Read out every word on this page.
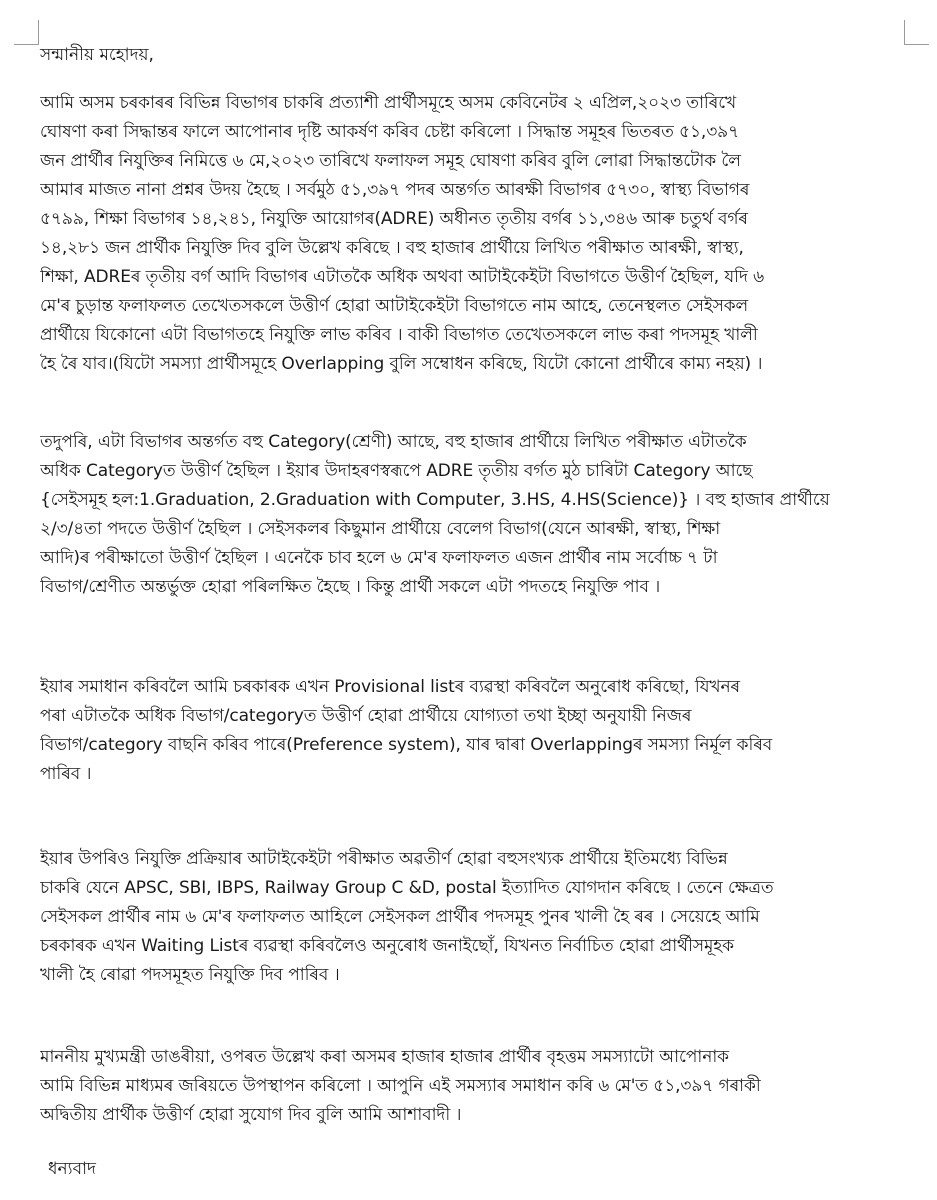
সন্মানীয় মহোদয়,
আমি অসম চৰকাৰৰ বিভিন্ন বিভাগৰ চাকৰি প্ৰত্যাশী প্ৰাৰ্থীসমূহে অসম কেবিনেটৰ ২ এপ্ৰিল,২০২৩ তাৰিখে
ঘোষণা কৰা সিদ্ধান্তৰ ফালে আপোনাৰ দৃষ্টি আকৰ্ষণ কৰিব চেষ্টা কৰিলো । সিদ্ধান্ত সমূহৰ ভিতৰত ৫১,৩৯৭
জন প্ৰাৰ্থীৰ নিযুক্তিৰ নিমিত্তে ৬ মে,২০২৩ তাৰিখে ফলাফল সমূহ ঘোষণা কৰিব বুলি লোৱা সিদ্ধান্তটোক লৈ
আমাৰ মাজত নানা প্ৰশ্নৰ উদয় হৈছে । সৰ্বমুঠ ৫১,৩৯৭ পদৰ অন্তৰ্গত আৰক্ষী বিভাগৰ ৫৭৩০, স্বাস্থ্য বিভাগৰ
৫৭৯৯, শিক্ষা বিভাগৰ ১৪,২৪১, নিযুক্তি আয়োগৰ(ADRE) অধীনত তৃতীয় বৰ্গৰ ১১,৩৪৬ আৰু চতুৰ্থ বৰ্গৰ
১৪,২৮১ জন প্ৰাৰ্থীক নিযুক্তি দিব বুলি উল্লেখ কৰিছে । বহু হাজাৰ প্ৰাৰ্থীয়ে লিখিত পৰীক্ষাত আৰক্ষী, স্বাস্থ্য,
শিক্ষা, ADREৰ তৃতীয় বৰ্গ আদি বিভাগৰ এটাতকৈ অধিক অথবা আটাইকেইটা বিভাগতে উত্তীৰ্ণ হৈছিল, যদি ৬
মে'ৰ চুড়ান্ত ফলাফলত তেখেতসকলে উত্তীৰ্ণ হোৱা আটাইকেইটা বিভাগতে নাম আহে, তেনেস্থলত সেইসকল
প্ৰাৰ্থীয়ে যিকোনো এটা বিভাগতহে নিযুক্তি লাভ কৰিব । বাকী বিভাগত তেখেতসকলে লাভ কৰা পদসমূহ খালী
হৈ ৰৈ যাব।(যিটো সমস্যা প্ৰাৰ্থীসমূহে Overlapping বুলি সম্বোধন কৰিছে, যিটো কোনো প্ৰাৰ্থীৰে কাম্য নহয়) ।
তদুপৰি, এটা বিভাগৰ অন্তৰ্গত বহু Category(শ্ৰেণী) আছে, বহু হাজাৰ প্ৰাৰ্থীয়ে লিখিত পৰীক্ষাত এটাতকৈ
অধিক Categoryত উত্তীৰ্ণ হৈছিল । ইয়াৰ উদাহৰণস্বৰূপে ADRE তৃতীয় বৰ্গত মুঠ চাৰিটা Category আছে
{সেইসমূহ হল:1.Graduation, 2.Graduation with Computer, 3.HS, 4.HS(Science)} । বহু হাজাৰ প্ৰাৰ্থীয়ে
২/৩/৪তা পদতে উত্তীৰ্ণ হৈছিল । সেইসকলৰ কিছুমান প্ৰাৰ্থীয়ে বেলেগ বিভাগ(যেনে আৰক্ষী, স্বাস্থ্য, শিক্ষা
আদি)ৰ পৰীক্ষাতো উত্তীৰ্ণ হৈছিল । এনেকৈ চাব হলে ৬ মে'ৰ ফলাফলত এজন প্ৰাৰ্থীৰ নাম সৰ্বোচ্চ ৭ টা
বিভাগ/শ্ৰেণীত অন্তৰ্ভুক্ত হোৱা পৰিলক্ষিত হৈছে । কিন্তু প্ৰাৰ্থী সকলে এটা পদতহে নিযুক্তি পাব ।
ইয়াৰ সমাধান কৰিবলৈ আমি চৰকাৰক এখন Provisional listৰ ব্যৱস্থা কৰিবলৈ অনুৰোধ কৰিছো, যিখনৰ
পৰা এটাতকৈ অধিক বিভাগ/categoryত উত্তীৰ্ণ হোৱা প্ৰাৰ্থীয়ে যোগ্যতা তথা ইচ্ছা অনুযায়ী নিজৰ
বিভাগ/category বাছনি কৰিব পাৰে(Preference system), যাৰ দ্বাৰা Overlappingৰ সমস্যা নিৰ্মূল কৰিব
পাৰিব ।
ইয়াৰ উপৰিও নিযুক্তি প্ৰক্ৰিয়াৰ আটাইকেইটা পৰীক্ষাত অৱতীৰ্ণ হোৱা বহুসংখ্যক প্ৰাৰ্থীয়ে ইতিমধ্যে বিভিন্ন
চাকৰি যেনে APSC, SBI, IBPS, Railway Group C &D, postal ইত্যাদিত যোগদান কৰিছে । তেনে ক্ষেত্ৰত
সেইসকল প্ৰাৰ্থীৰ নাম ৬ মে'ৰ ফলাফলত আহিলে সেইসকল প্ৰাৰ্থীৰ পদসমূহ পুনৰ খালী হৈ ৰৰ । সেয়েহে আমি
চৰকাৰক এখন Waiting Listৰ ব্যৱস্থা কৰিবলৈও অনুৰোধ জনাইছোঁ, যিখনত নিৰ্বাচিত হোৱা প্ৰাৰ্থীসমূহক
খালী হৈ ৰোৱা পদসমূহত নিযুক্তি দিব পাৰিব ।
মাননীয় মুখ্যমন্ত্ৰী ডাঙৰীয়া, ওপৰত উল্লেখ কৰা অসমৰ হাজাৰ হাজাৰ প্ৰাৰ্থীৰ বৃহত্তম সমস্যাটো আপোনাক
আমি বিভিন্ন মাধ্যমৰ জৰিয়তে উপস্থাপন কৰিলো । আপুনি এই সমস্যাৰ সমাধান কৰি ৬ মে'ত ৫১,৩৯৭ গৰাকী
অদ্বিতীয় প্ৰাৰ্থীক উত্তীৰ্ণ হোৱা সুযোগ দিব বুলি আমি আশাবাদী ।
ধন্যবাদ
